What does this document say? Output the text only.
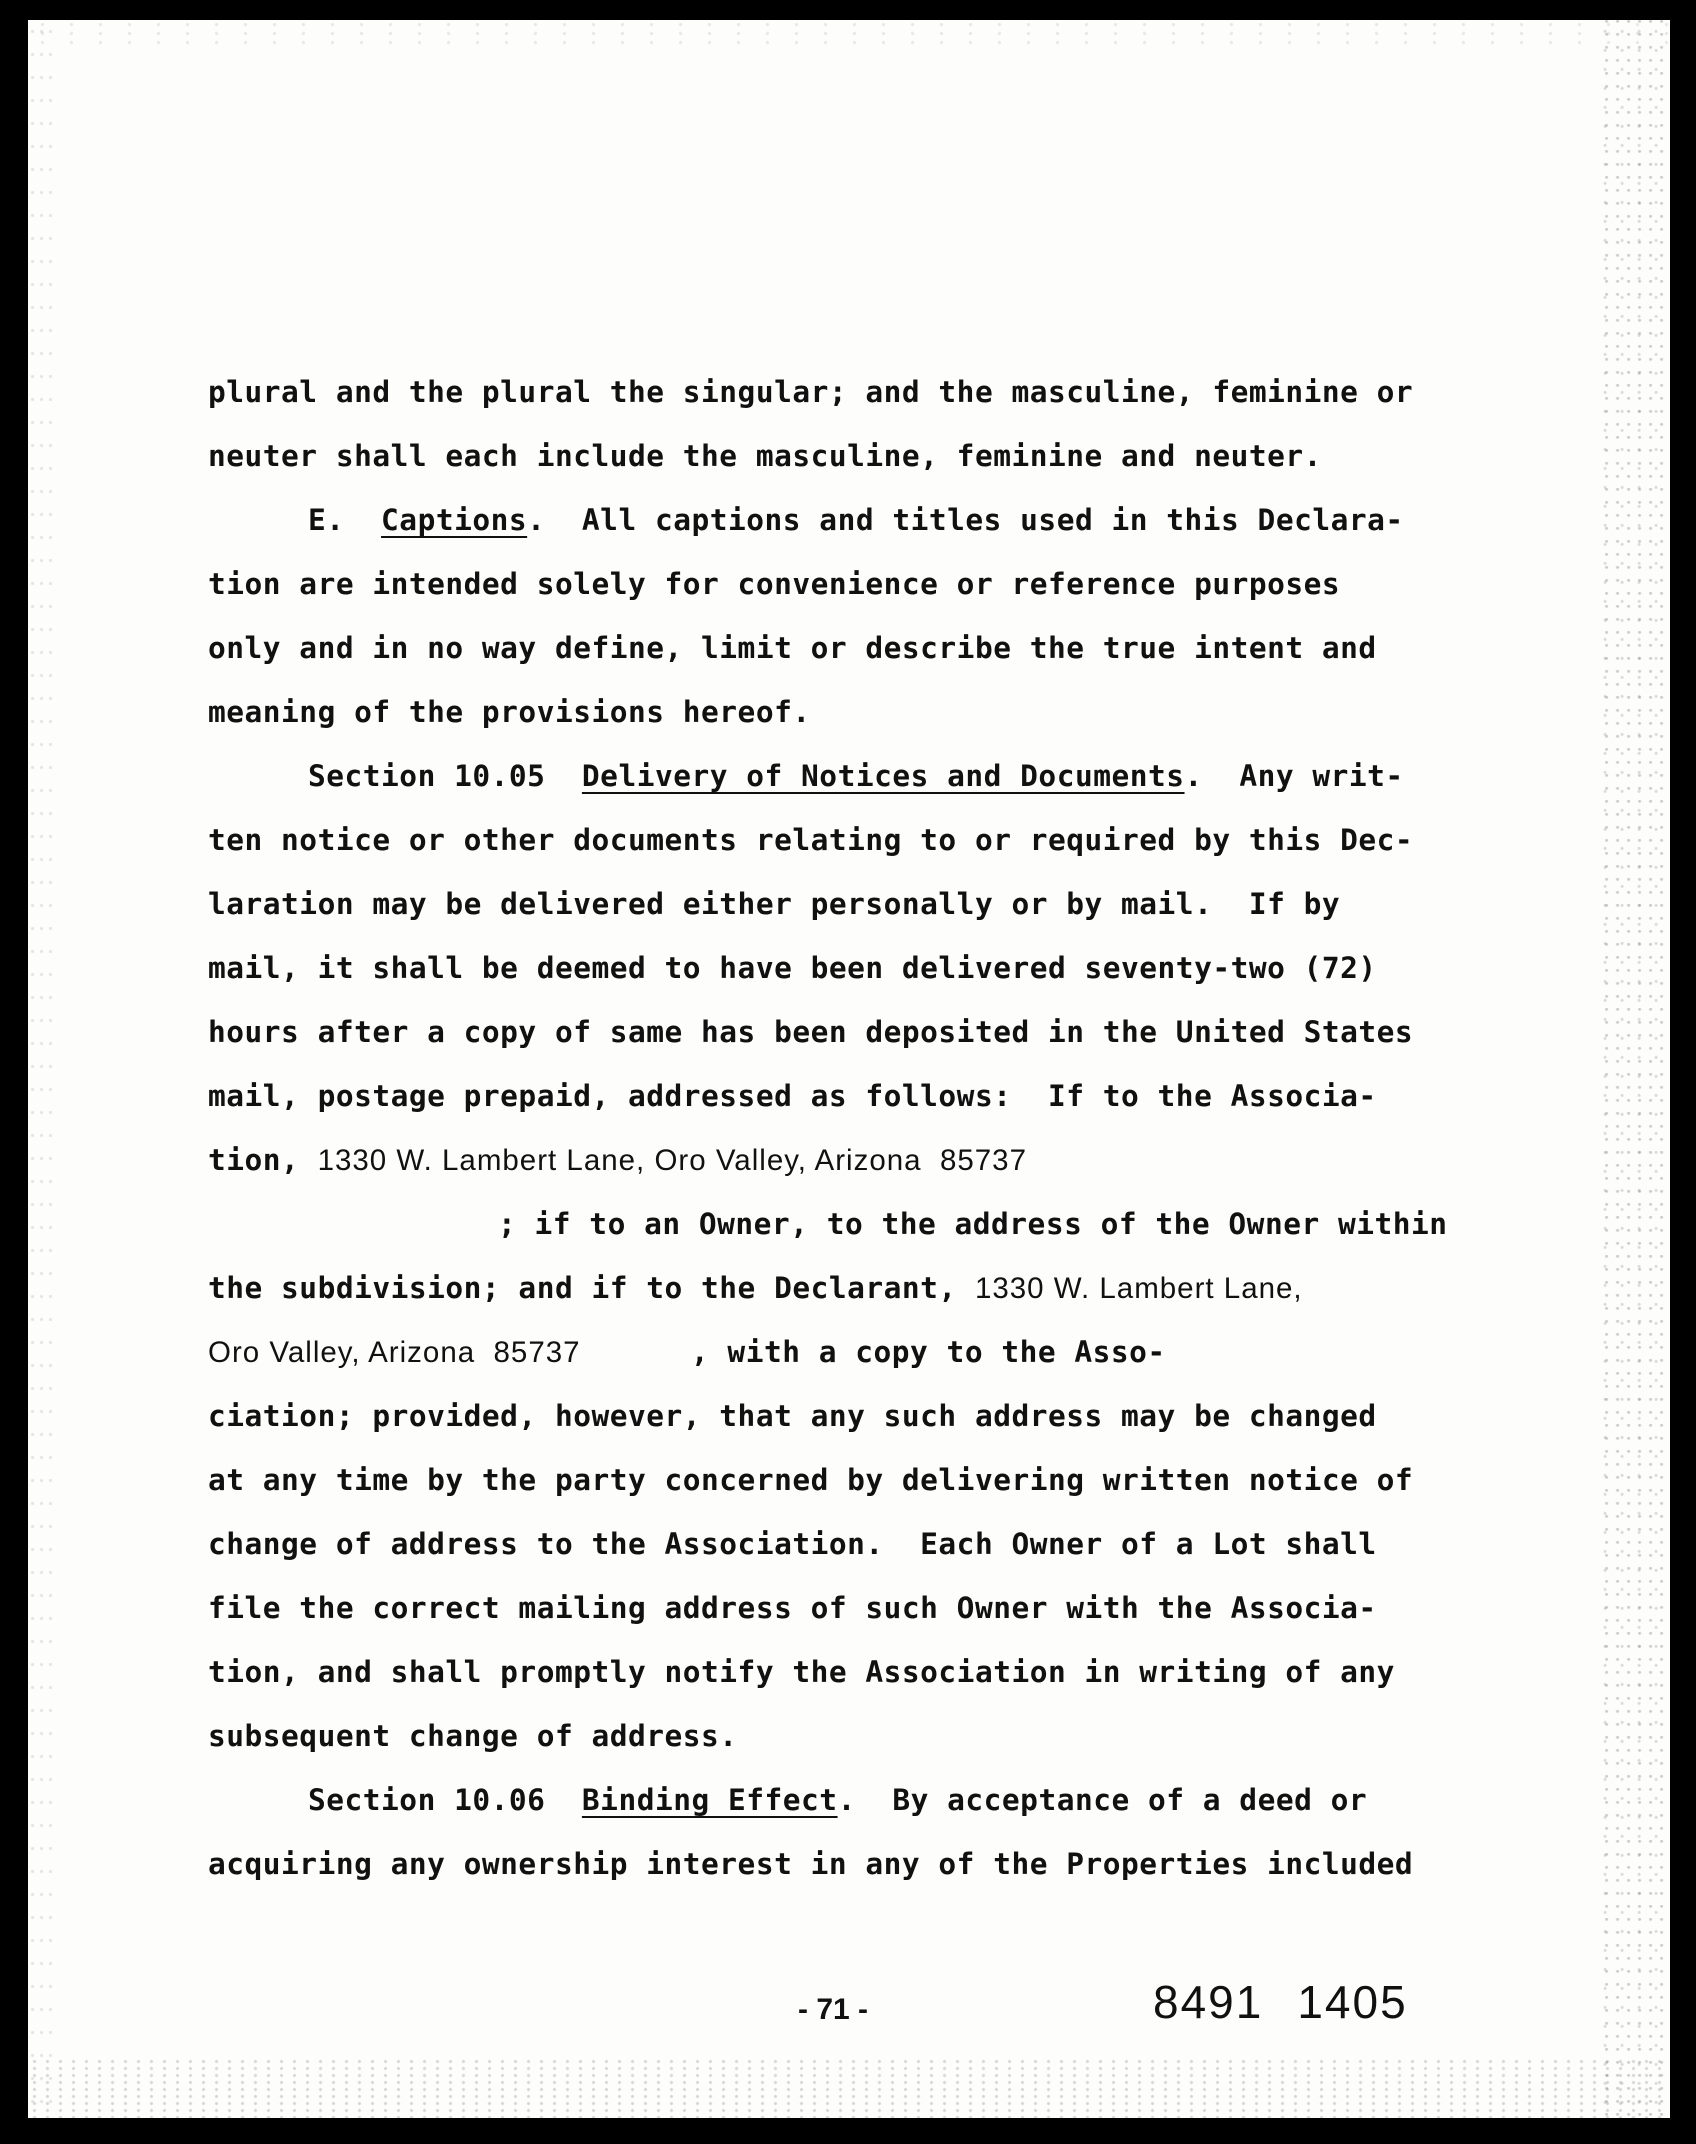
plural and the plural the singular; and the masculine, feminine or
neuter shall each include the masculine, feminine and neuter.
E.  Captions.  All captions and titles used in this Declara-
tion are intended solely for convenience or reference purposes
only and in no way define, limit or describe the true intent and
meaning of the provisions hereof.
Section 10.05  Delivery of Notices and Documents.  Any writ-
ten notice or other documents relating to or required by this Dec-
laration may be delivered either personally or by mail.  If by
mail, it shall be deemed to have been delivered seventy-two (72)
hours after a copy of same has been deposited in the United States
mail, postage prepaid, addressed as follows:  If to the Associa-
tion, 1330 W. Lambert Lane, Oro Valley, Arizona  85737
; if to an Owner, to the address of the Owner within
the subdivision; and if to the Declarant, 1330 W. Lambert Lane,
Oro Valley, Arizona  85737            , with a copy to the Asso-
ciation; provided, however, that any such address may be changed
at any time by the party concerned by delivering written notice of
change of address to the Association.  Each Owner of a Lot shall
file the correct mailing address of such Owner with the Associa-
tion, and shall promptly notify the Association in writing of any
subsequent change of address.
Section 10.06  Binding Effect.  By acceptance of a deed or
acquiring any ownership interest in any of the Properties included
- 71 -	8491 1405
